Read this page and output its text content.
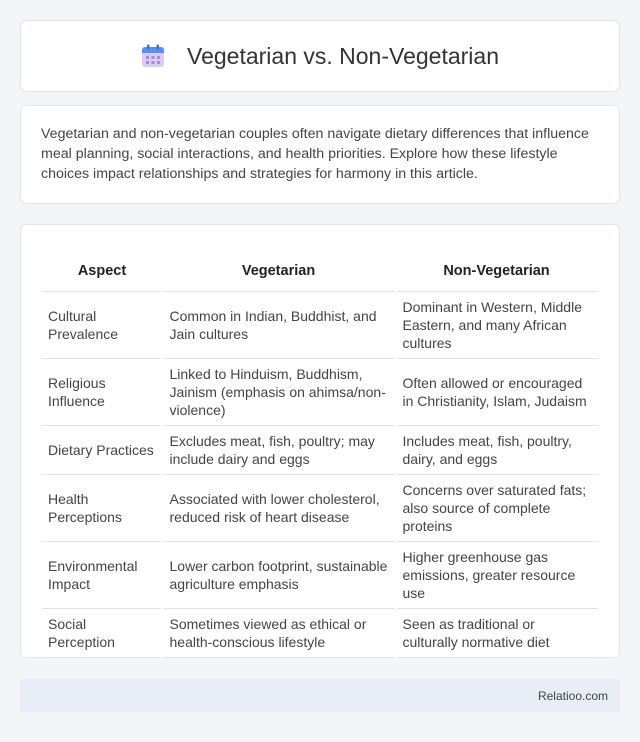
Vegetarian vs. Non-Vegetarian

Vegetarian and non-vegetarian couples often navigate dietary differences that influence meal planning, social interactions, and health priorities. Explore how these lifestyle choices impact relationships and strategies for harmony in this article.

Aspect	Vegetarian	Non-Vegetarian
Cultural Prevalence	Common in Indian, Buddhist, and Jain cultures	Dominant in Western, Middle Eastern, and many African cultures
Religious Influence	Linked to Hinduism, Buddhism, Jainism (emphasis on ahimsa/non-violence)	Often allowed or encouraged in Christianity, Islam, Judaism
Dietary Practices	Excludes meat, fish, poultry; may include dairy and eggs	Includes meat, fish, poultry, dairy, and eggs
Health Perceptions	Associated with lower cholesterol, reduced risk of heart disease	Concerns over saturated fats; also source of complete proteins
Environmental Impact	Lower carbon footprint, sustainable agriculture emphasis	Higher greenhouse gas emissions, greater resource use
Social Perception	Sometimes viewed as ethical or health-conscious lifestyle	Seen as traditional or culturally normative diet
Relatioo.com
